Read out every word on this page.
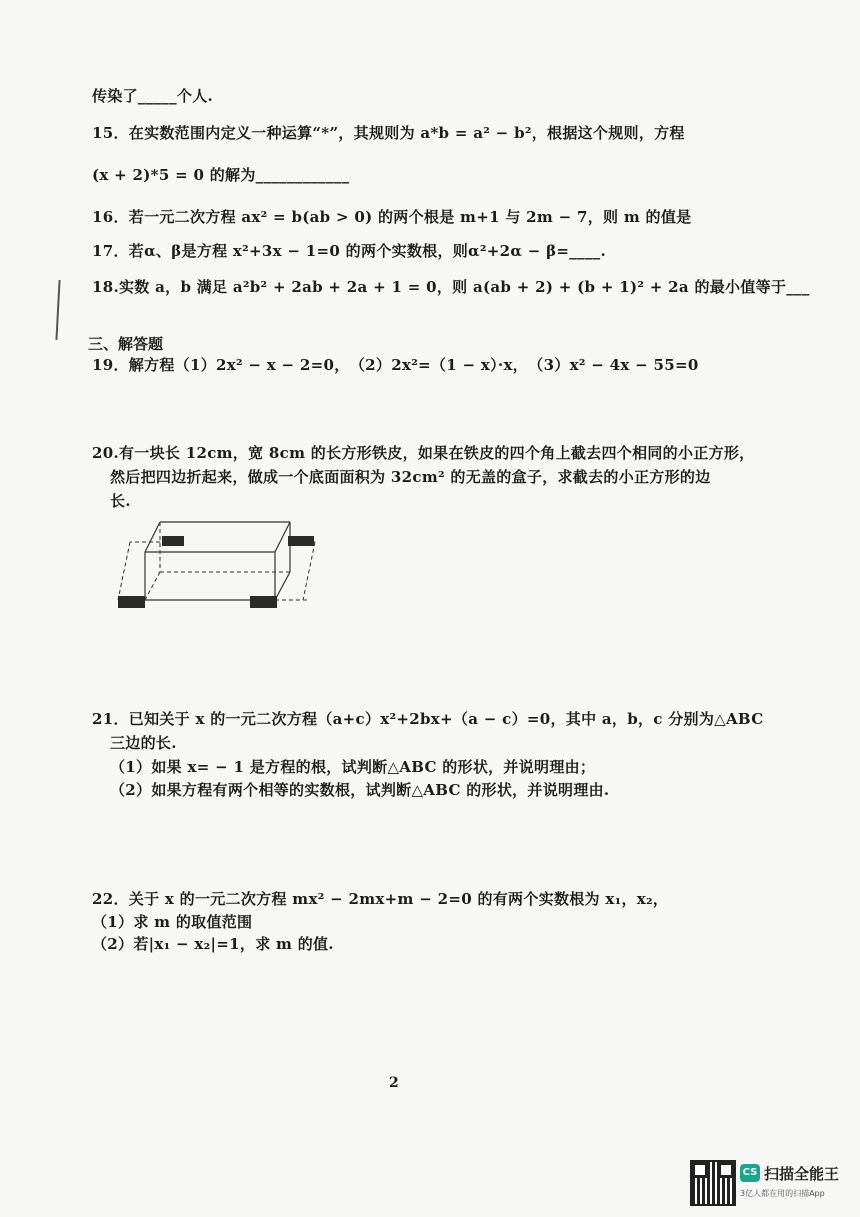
传染了_____个人.
15．在实数范围内定义一种运算“*”，其规则为 a*b = a² − b²，根据这个规则，方程
(x + 2)*5 = 0 的解为____________
16．若一元二次方程 ax² = b(ab > 0) 的两个根是 m+1 与 2m − 7，则 m 的值是
17．若α、β是方程 x²+3x − 1=0 的两个实数根，则α²+2α − β=____.
18.实数 a，b 满足 a²b² + 2ab + 2a + 1 = 0，则 a(ab + 2) + (b + 1)² + 2a 的最小值等于___
三、解答题
19．解方程（1）2x² − x − 2=0，　（2）2x²=（1 − x）·x，　（3）x² − 4x − 55=0
20.有一块长 12cm，宽 8cm 的长方形铁皮，如果在铁皮的四个角上截去四个相同的小正方形，
然后把四边折起来，做成一个底面面积为 32cm² 的无盖的盒子，求截去的小正方形的边
长.
21．已知关于 x 的一元二次方程（a+c）x²+2bx+（a − c）=0，其中 a，b，c 分别为△ABC
三边的长.
（1）如果 x= − 1 是方程的根，试判断△ABC 的形状，并说明理由；
（2）如果方程有两个相等的实数根，试判断△ABC 的形状，并说明理由.
22．关于 x 的一元二次方程 mx² − 2mx+m − 2=0 的有两个实数根为 x₁，x₂，
（1）求 m 的取值范围
（2）若|x₁ − x₂|=1，求 m 的值.
2
CS 扫描全能王
3亿人都在用的扫描App
